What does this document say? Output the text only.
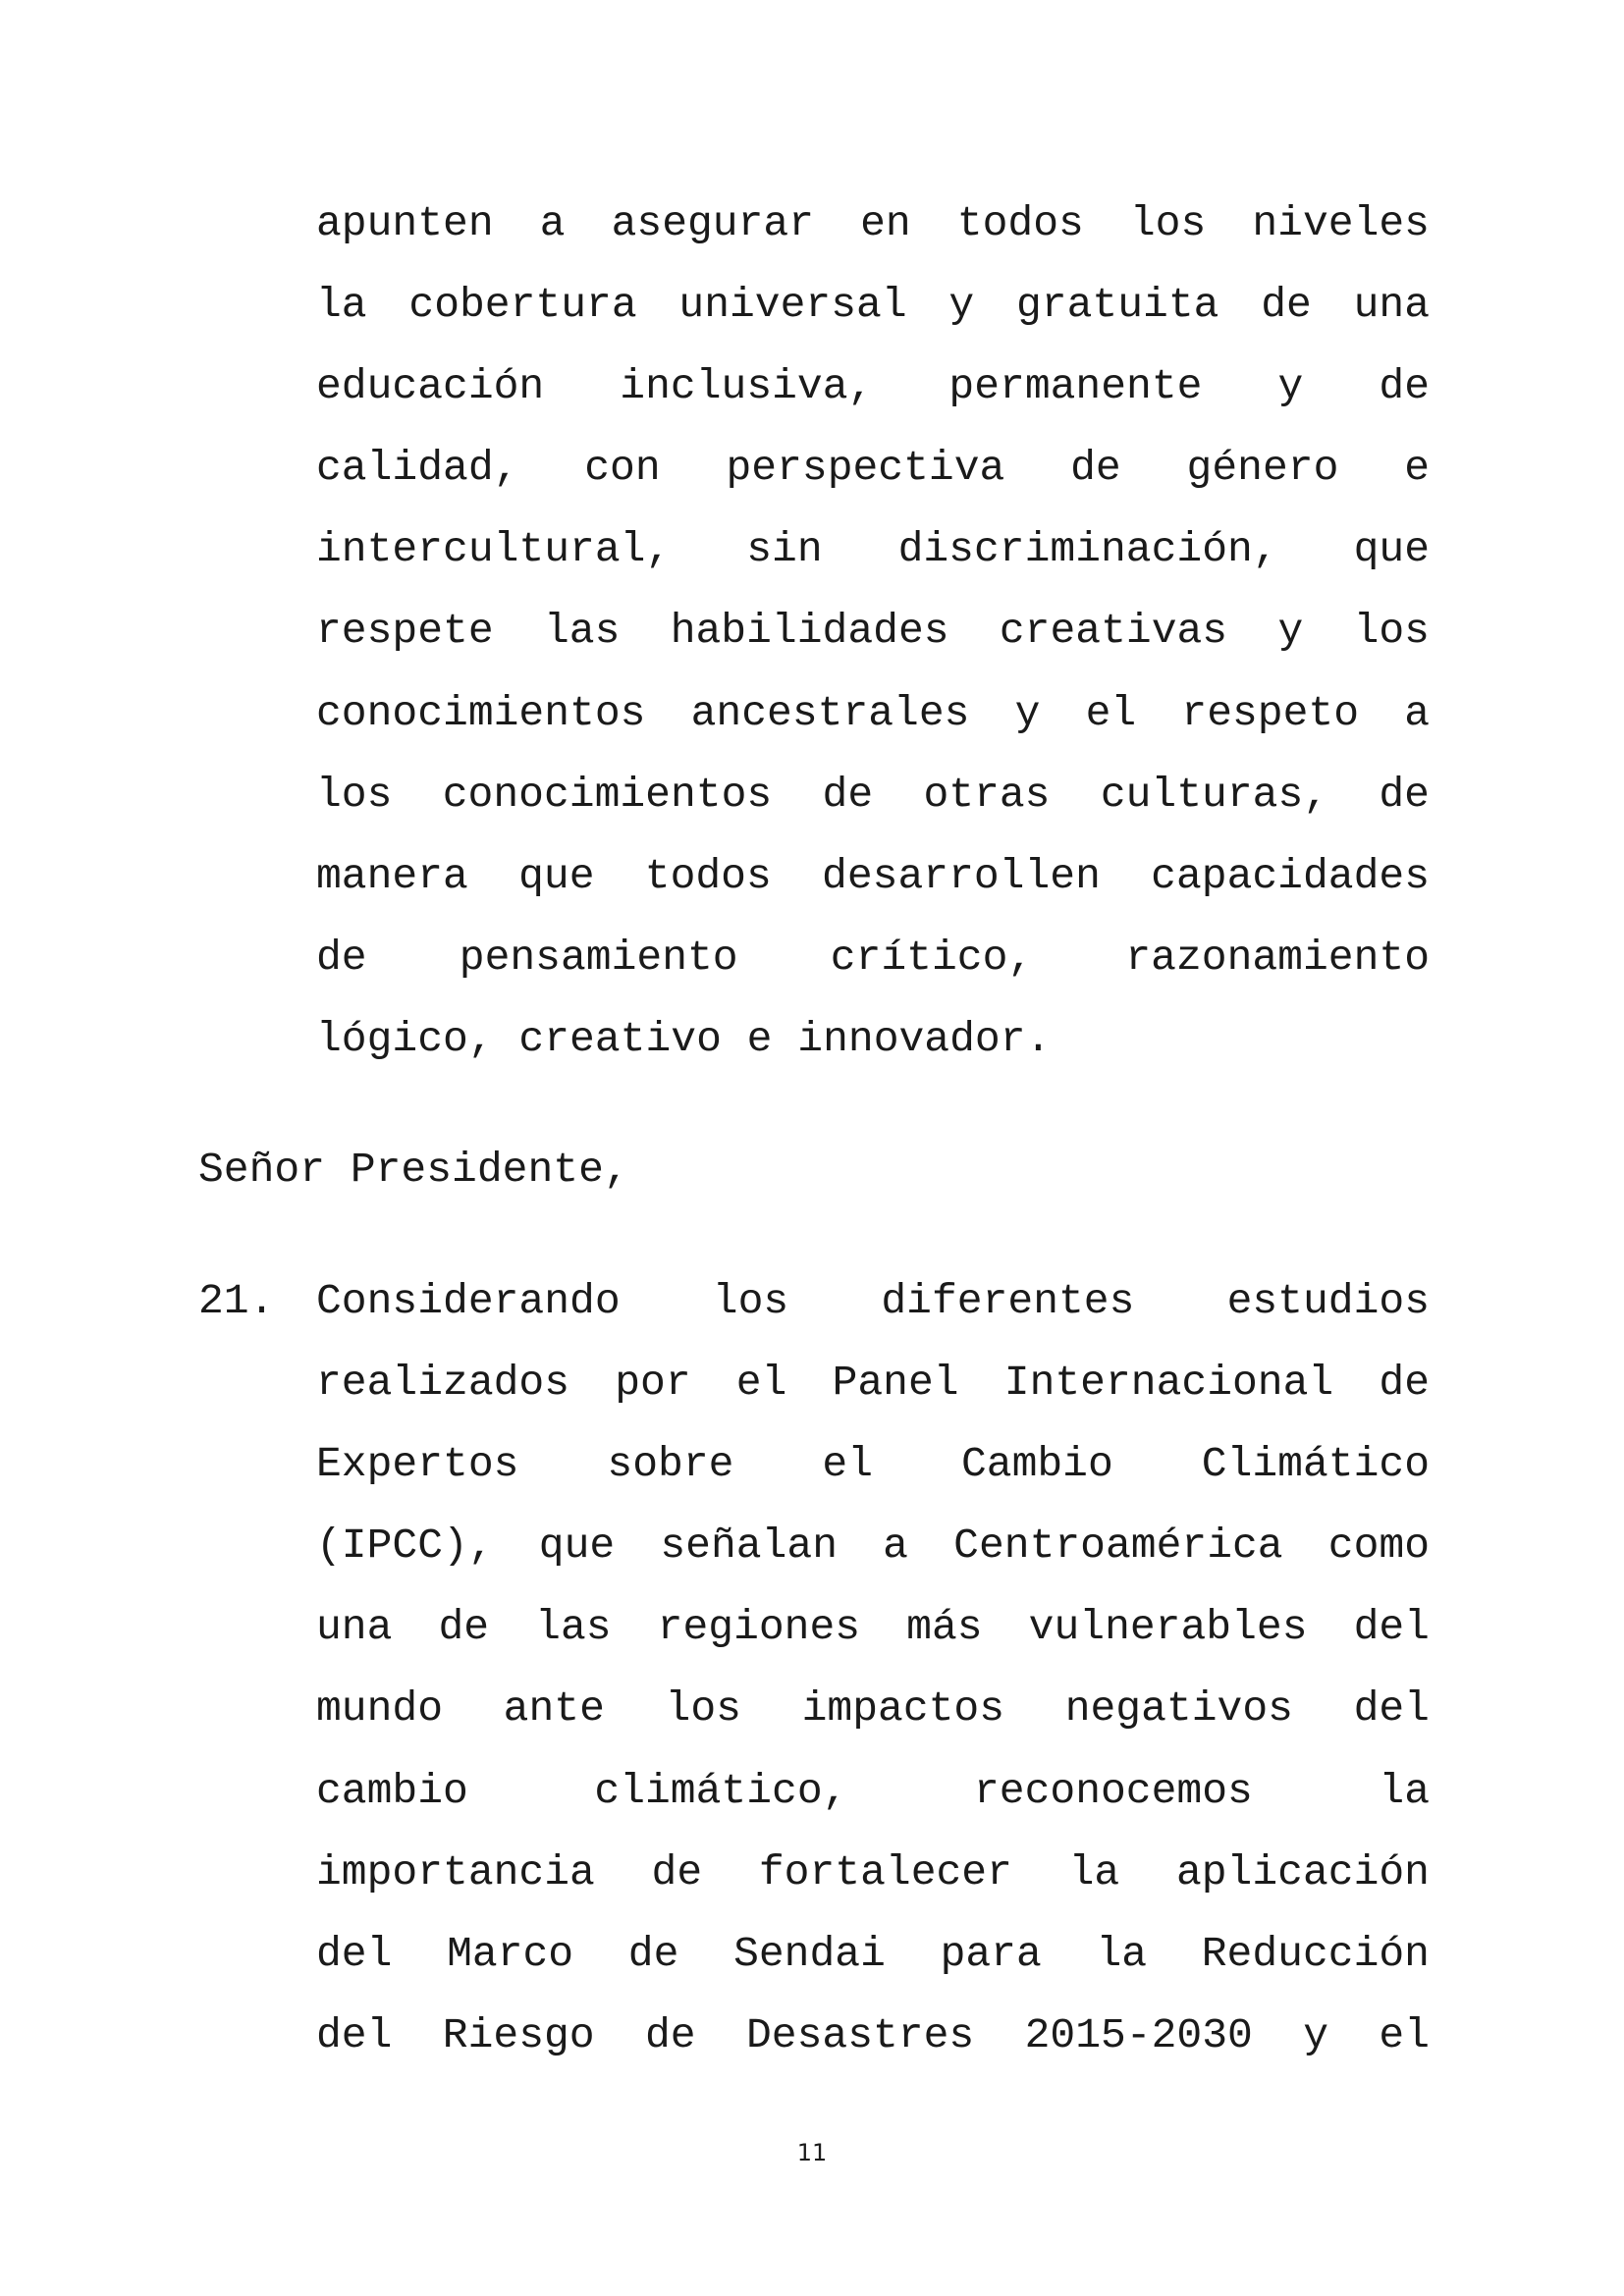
apunten a asegurar en todos los niveles

la cobertura universal y gratuita de una

educación inclusiva, permanente y de

calidad, con perspectiva de género e

intercultural, sin discriminación, que

respete las habilidades creativas y los

conocimientos ancestrales y el respeto a

los conocimientos de otras culturas, de

manera que todos desarrollen capacidades

de pensamiento crítico, razonamiento

lógico, creativo e innovador.

Señor Presidente,

21. Considerando los diferentes estudios

realizados por el Panel Internacional de

Expertos sobre el Cambio Climático

(IPCC), que señalan a Centroamérica como

una de las regiones más vulnerables del

mundo ante los impactos negativos del

cambio climático, reconocemos la

importancia de fortalecer la aplicación

del Marco de Sendai para la Reducción

del Riesgo de Desastres 2015-2030 y el

11
